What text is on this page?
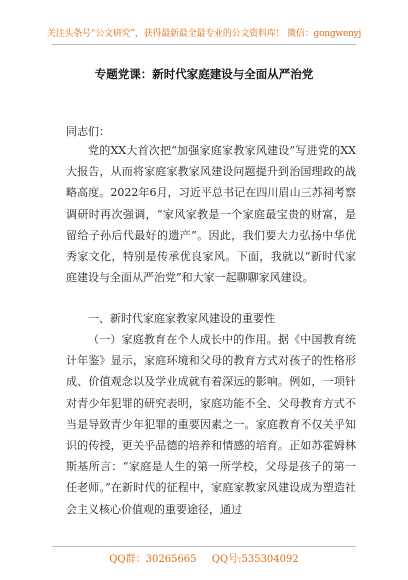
关注头条号“公文研究”，获得最新最全最专业的公文资料库！ 微信：gongwenyj
专题党课：新时代家庭建设与全面从严治党
同志们：
党的XX大首次把“加强家庭家教家风建设”写进党的XX大报告，从而将家庭家教家风建设问题提升到治国理政的战略高度。2022年6月，习近平总书记在四川眉山三苏祠考察调研时再次强调，“家风家教是一个家庭最宝贵的财富，是留给子孙后代最好的遗产”。因此，我们要大力弘扬中华优秀家文化，特别是传承优良家风。下面，我就以“新时代家庭建设与全面从严治党”和大家一起聊聊家风建设。
一、新时代家庭家教家风建设的重要性
（一）家庭教育在个人成长中的作用。据《中国教育统计年鉴》显示，家庭环境和父母的教育方式对孩子的性格形成、价值观念以及学业成就有着深远的影响。例如，一项针对青少年犯罪的研究表明，家庭功能不全、父母教育方式不当是导致青少年犯罪的重要因素之一。家庭教育不仅关乎知识的传授，更关乎品德的培养和情感的培育。正如苏霍姆林斯基所言：“家庭是人生的第一所学校，父母是孩子的第一任老师。”在新时代的征程中，家庭家教家风建设成为塑造社会主义核心价值观的重要途径，通过
QQ群：30265665 QQ号:535304092
